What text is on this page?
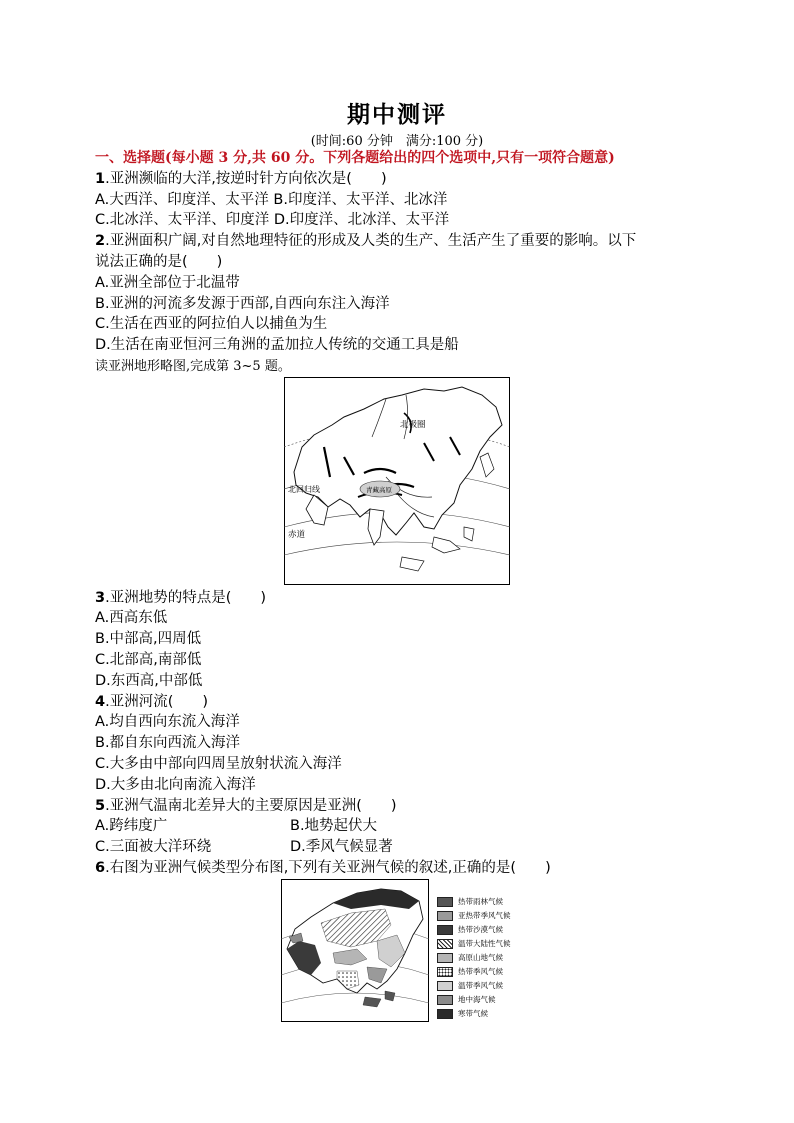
期中测评
(时间:60 分钟　满分:100 分)
一、选择题(每小题 3 分,共 60 分。下列各题给出的四个选项中,只有一项符合题意)
1.亚洲濒临的大洋,按逆时针方向依次是(　　)
A.大西洋、印度洋、太平洋 B.印度洋、太平洋、北冰洋
C.北冰洋、太平洋、印度洋 D.印度洋、北冰洋、太平洋
2.亚洲面积广阔,对自然地理特征的形成及人类的生产、生活产生了重要的影响。以下
说法正确的是(　　)
A.亚洲全部位于北温带
B.亚洲的河流多发源于西部,自西向东注入海洋
C.生活在西亚的阿拉伯人以捕鱼为生
D.生活在南亚恒河三角洲的孟加拉人传统的交通工具是船
读亚洲地形略图,完成第 3~5 题。
北极圈
北回归线
赤道
青藏高原
3.亚洲地势的特点是(　　)
A.西高东低
B.中部高,四周低
C.北部高,南部低
D.东西高,中部低
4.亚洲河流(　　)
A.均自西向东流入海洋
B.都自东向西流入海洋
C.大多由中部向四周呈放射状流入海洋
D.大多由北向南流入海洋
5.亚洲气温南北差异大的主要原因是亚洲(　　)
A.跨纬度广	B.地势起伏大
C.三面被大洋环绕	D.季风气候显著
6.右图为亚洲气候类型分布图,下列有关亚洲气候的叙述,正确的是(　　)
热带雨林气候
亚热带季风气候
热带沙漠气候
温带大陆性气候
高原山地气候
热带季风气候
温带季风气候
地中海气候
寒带气候
